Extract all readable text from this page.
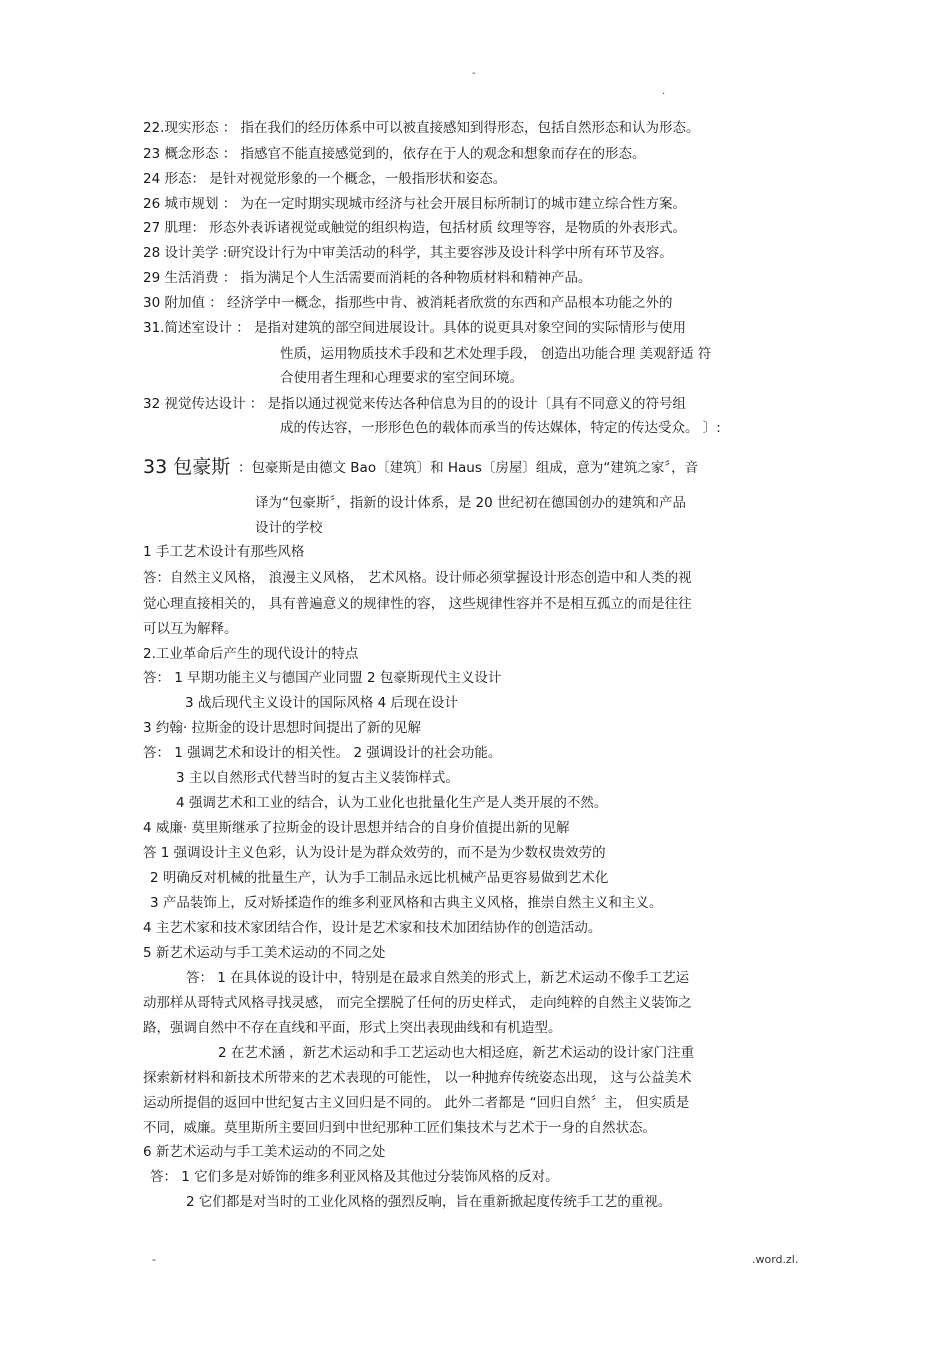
-
.
22.现实形态 ： 指在我们的经历体系中可以被直接感知到得形态，包括自然形态和认为形态。
23 概念形态 ： 指感官不能直接感觉到的，依存在于人的观念和想象而存在的形态。
24 形态： 是针对视觉形象的一个概念，一般指形状和姿态。
26 城市规划 ： 为在一定时期实现城市经济与社会开展目标所制订的城市建立综合性方案。
27 肌理： 形态外表诉诸视觉或触觉的组织构造，包括材质 纹理等容，是物质的外表形式。
28 设计美学 :研究设计行为中审美活动的科学，其主要容涉及设计科学中所有环节及容。
29 生活消费 ： 指为满足个人生活需要而消耗的各种物质材料和精神产品。
30 附加值 ： 经济学中一概念，指那些中肯、被消耗者欣赏的东西和产品根本功能之外的
31.简述室设计 ： 是指对建筑的部空间进展设计。具体的说更具对象空间的实际情形与使用
性质，运用物质技术手段和艺术处理手段， 创造出功能合理 美观舒适 符
合使用者生理和心理要求的室空间环境。
32 视觉传达设计 ： 是指以通过视觉来传达各种信息为目的的设计〔具有不同意义的符号组
成的传达容，一形形色色的载体而承当的传达媒体，特定的传达受众。 〕:
33 包豪斯 ：包豪斯是由德文 Bao〔建筑〕和 Haus〔房屋〕组成，意为“建筑之家〞，音
译为“包豪斯〞，指新的设计体系，是 20 世纪初在德国创办的建筑和产品
设计的学校
1 手工艺术设计有那些风格
答：自然主义风格， 浪漫主义风格， 艺术风格。设计师必须掌握设计形态创造中和人类的视
觉心理直接相关的， 具有普遍意义的规律性的容， 这些规律性容并不是相互孤立的而是往往
可以互为解释。
2.工业革命后产生的现代设计的特点
答： 1 早期功能主义与德国产业同盟 2 包豪斯现代主义设计
3 战后现代主义设计的国际风格 4 后现在设计
3 约翰· 拉斯金的设计思想时间提出了新的见解
答： 1 强调艺术和设计的相关性。 2 强调设计的社会功能。
3 主以自然形式代替当时的复古主义装饰样式。
4 强调艺术和工业的结合，认为工业化也批量化生产是人类开展的不然。
4 威廉· 莫里斯继承了拉斯金的设计思想并结合的自身价值提出新的见解
答 1 强调设计主义色彩，认为设计是为群众效劳的，而不是为少数权贵效劳的
2 明确反对机械的批量生产，认为手工制品永远比机械产品更容易做到艺术化
3 产品装饰上，反对矫揉造作的维多利亚风格和古典主义风格，推崇自然主义和主义。
4 主艺术家和技术家团结合作，设计是艺术家和技术加团结协作的创造活动。
5 新艺术运动与手工美术运动的不同之处
答： 1 在具体说的设计中，特别是在最求自然美的形式上，新艺术运动不像手工艺运
动那样从哥特式风格寻找灵感， 而完全摆脱了任何的历史样式， 走向纯粹的自然主义装饰之
路，强调自然中不存在直线和平面，形式上突出表现曲线和有机造型。
2 在艺术涵 ，新艺术运动和手工艺运动也大相迳庭，新艺术运动的设计家门注重
探索新材料和新技术所带来的艺术表现的可能性， 以一种抛弃传统姿态出现， 这与公益美术
运动所提倡的返回中世纪复古主义回归是不同的。 此外二者都是 “回归自然〞主， 但实质是
不同，威廉。莫里斯所主要回归到中世纪那种工匠们集技术与艺术于一身的自然状态。
6 新艺术运动与手工美术运动的不同之处
答： 1 它们多是对娇饰的维多利亚风格及其他过分装饰风格的反对。
2 它们都是对当时的工业化风格的强烈反响，旨在重新掀起度传统手工艺的重视。
-	.word.zl.
